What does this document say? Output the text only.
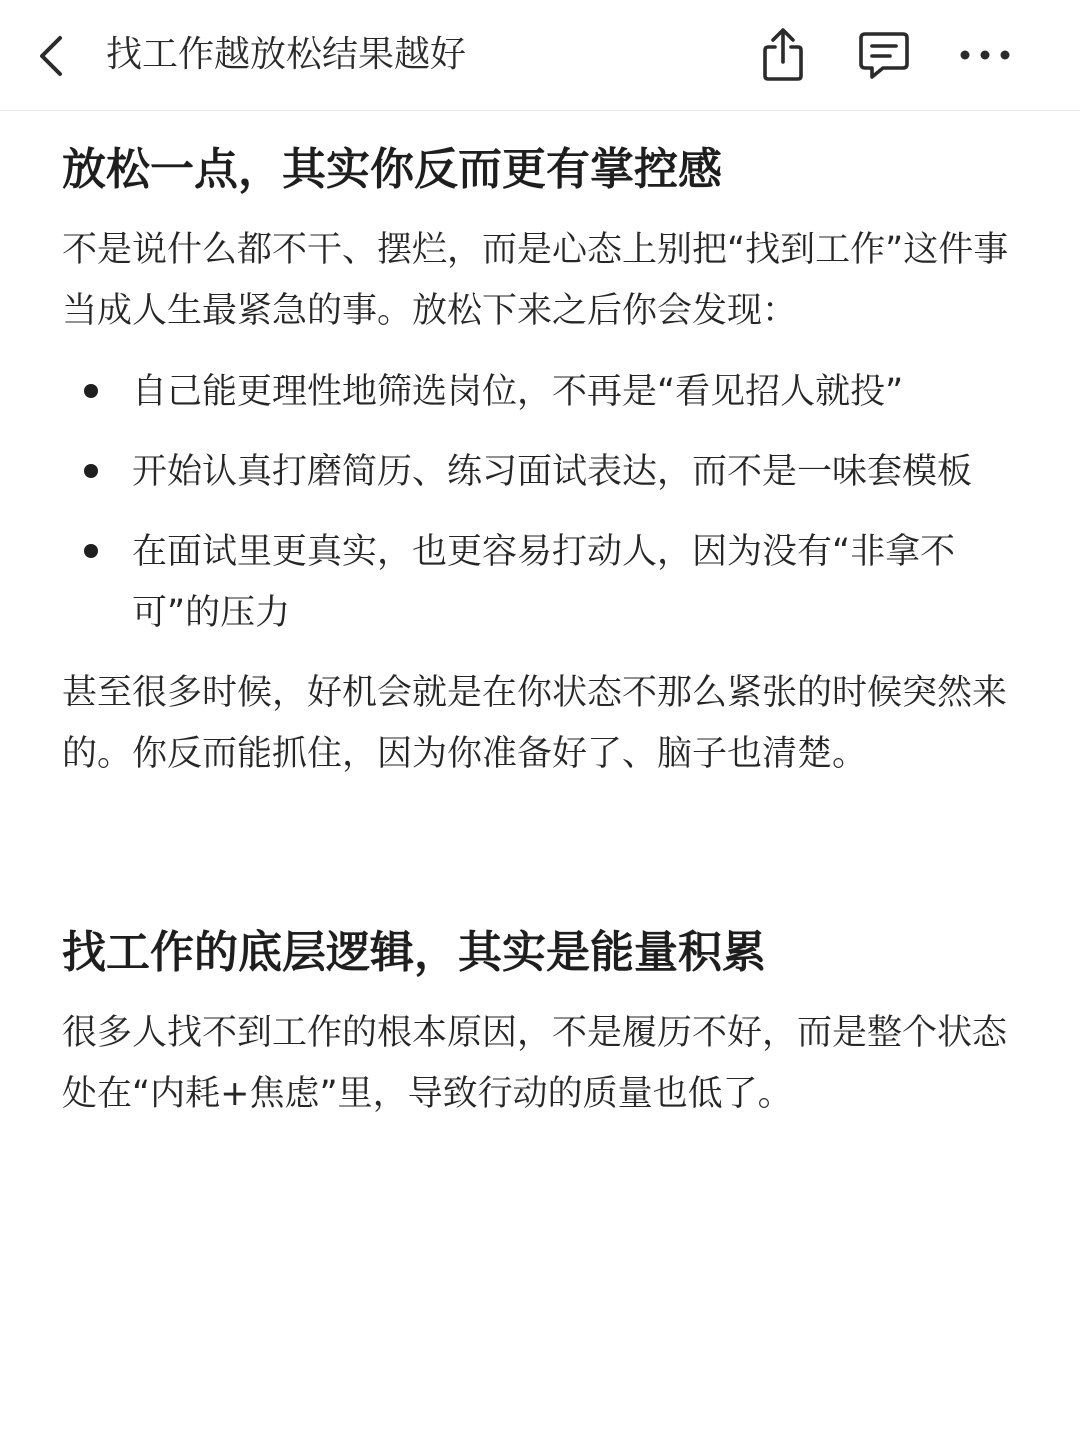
找工作越放松结果越好
放松一点，其实你反而更有掌控感

不是说什么都不干、摆烂，而是心态上别把“找到工作”这件事当成人生最紧急的事。放松下来之后你会发现：

自己能更理性地筛选岗位，不再是“看见招人就投”
开始认真打磨简历、练习面试表达，而不是一味套模板
在面试里更真实，也更容易打动人，因为没有“非拿不可”的压力

甚至很多时候，好机会就是在你状态不那么紧张的时候突然来的。你反而能抓住，因为你准备好了、脑子也清楚。

找工作的底层逻辑，其实是能量积累

很多人找不到工作的根本原因，不是履历不好，而是整个状态处在“内耗+焦虑”里，导致行动的质量也低了。
